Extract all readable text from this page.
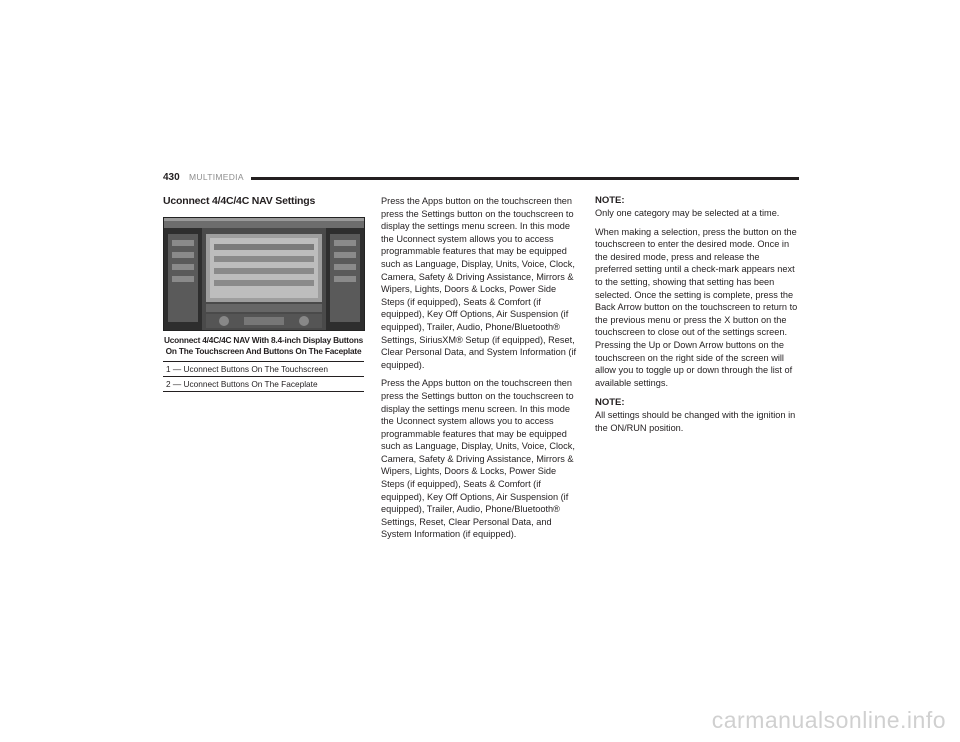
430 MULTIMEDIA
Uconnect 4/4C/4C NAV Settings
Uconnect 4/4C/4C NAV With 8.4-inch Display Buttons On The Touchscreen And Buttons On The Faceplate
1 — Uconnect Buttons On The Touchscreen
2 — Uconnect Buttons On The Faceplate

Press the Apps button on the touchscreen then press the Settings button on the touchscreen to display the settings menu screen. In this mode the Uconnect system allows you to access programmable features that may be equipped such as Language, Display, Units, Voice, Clock, Camera, Safety & Driving Assistance, Mirrors & Wipers, Lights, Doors & Locks, Power Side Steps (if equipped), Seats & Comfort (if equipped), Key Off Options, Air Suspension (if equipped), Trailer, Audio, Phone/Bluetooth® Settings, SiriusXM® Setup (if equipped), Reset, Clear Personal Data, and System Information (if equipped).

Press the Apps button on the touchscreen then press the Settings button on the touchscreen to display the settings menu screen. In this mode the Uconnect system allows you to access programmable features that may be equipped such as Language, Display, Units, Voice, Clock, Camera, Safety & Driving Assistance, Mirrors & Wipers, Lights, Doors & Locks, Power Side Steps (if equipped), Seats & Comfort (if equipped), Key Off Options, Air Suspension (if equipped), Trailer, Audio, Phone/Bluetooth® Settings, Reset, Clear Personal Data, and System Information (if equipped).

NOTE:

Only one category may be selected at a time.

When making a selection, press the button on the touchscreen to enter the desired mode. Once in the desired mode, press and release the preferred setting until a check-mark appears next to the setting, showing that setting has been selected. Once the setting is complete, press the Back Arrow button on the touchscreen to return to the previous menu or press the X button on the touchscreen to close out of the settings screen. Pressing the Up or Down Arrow buttons on the touchscreen on the right side of the screen will allow you to toggle up or down through the list of available settings.

NOTE:

All settings should be changed with the ignition in the ON/RUN position.

carmanualsonline.info
